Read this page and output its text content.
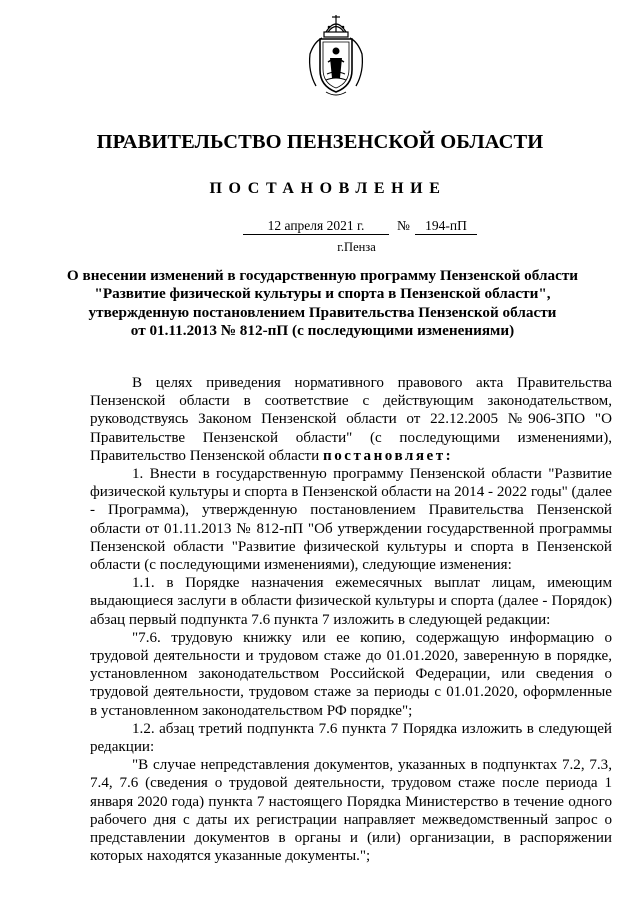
ПРАВИТЕЛЬСТВО ПЕНЗЕНСКОЙ ОБЛАСТИ
ПОСТАНОВЛЕНИЕ
12 апреля 2021 г.	№	194-пП
г.Пенза
О внесении изменений в государственную программу Пензенской области
"Развитие физической культуры и спорта в Пензенской области",
утвержденную постановлением Правительства Пензенской области
от 01.11.2013 № 812-пП (с последующими изменениями)

В целях приведения нормативного правового акта Правительства Пензенской области в соответствие с действующим законодательством, руководствуясь Законом Пензенской области от 22.12.2005 №906-ЗПО "О Правительстве Пензенской области" (с последующими изменениями), Правительство Пензенской области постановляет:

1. Внести в государственную программу Пензенской области "Развитие физической культуры и спорта в Пензенской области на 2014 - 2022 годы" (далее - Программа), утвержденную постановлением Правительства Пензенской области от 01.11.2013 № 812-пП "Об утверждении государственной программы Пензенской области "Развитие физической культуры и спорта в Пензенской области (с последующими изменениями), следующие изменения:

1.1. в Порядке назначения ежемесячных выплат лицам, имеющим выдающиеся заслуги в области физической культуры и спорта (далее - Порядок) абзац первый подпункта 7.6 пункта 7 изложить в следующей редакции:

"7.6. трудовую книжку или ее копию, содержащую информацию о трудовой деятельности и трудовом стаже до 01.01.2020, заверенную в порядке, установленном законодательством Российской Федерации, или сведения о трудовой деятельности, трудовом стаже за периоды с 01.01.2020, оформленные в установленном законодательством РФ порядке";

1.2. абзац третий подпункта 7.6 пункта 7 Порядка изложить в следующей редакции:

"В случае непредставления документов, указанных в подпунктах 7.2, 7.3, 7.4, 7.6 (сведения о трудовой деятельности, трудовом стаже после периода 1 января 2020 года) пункта 7 настоящего Порядка Министерство в течение одного рабочего дня с даты их регистрации направляет межведомственный запрос о представлении документов в органы и (или) организации, в распоряжении которых находятся указанные документы.";
